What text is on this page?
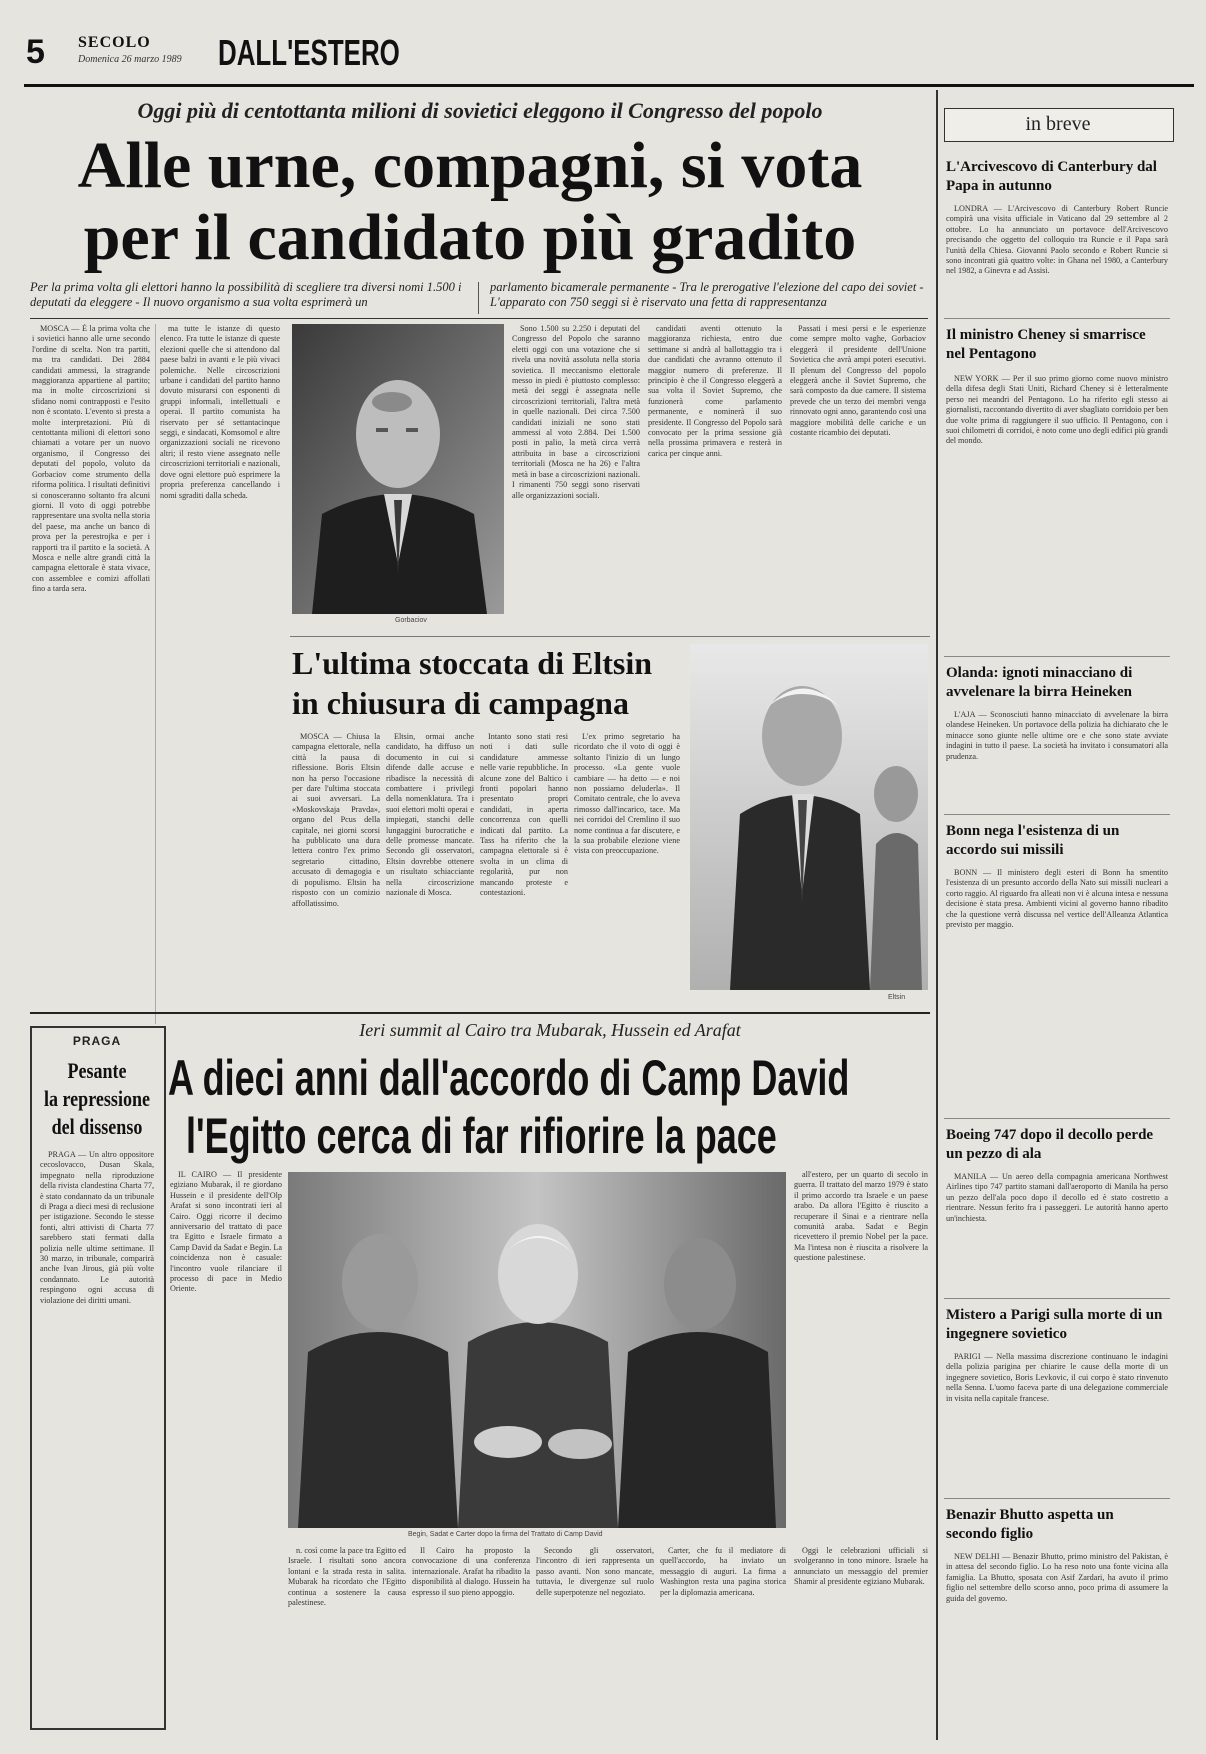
5 SECOLO
Domenica 26 marzo 1989 DALL'ESTERO
Oggi più di centottanta milioni di sovietici eleggono il Congresso del popolo
Alle urne, compagni, si vota
per il candidato più gradito
Per la prima volta gli elettori hanno la possibilità di scegliere tra diversi nomi 1.500 i deputati da eleggere - Il nuovo organismo a sua volta esprimerà un
parlamento bicamerale permanente - Tra le prerogative l'elezione del capo dei soviet - L'apparato con 750 seggi si è riservato una fetta di rappresentanza

MOSCA — È la prima volta che i sovietici hanno alle urne secondo l'ordine di scelta. Non tra partiti, ma tra candidati. Dei 2884 candidati ammessi, la stragrande maggioranza appartiene al partito; ma in molte circoscrizioni si sfidano nomi contrapposti e l'esito non è scontato. L'evento si presta a molte interpretazioni. Più di centottanta milioni di elettori sono chiamati a votare per un nuovo organismo, il Congresso dei deputati del popolo, voluto da Gorbaciov come strumento della riforma politica. I risultati definitivi si conosceranno soltanto fra alcuni giorni. Il voto di oggi potrebbe rappresentare una svolta nella storia del paese, ma anche un banco di prova per la perestrojka e per i rapporti tra il partito e la società. A Mosca e nelle altre grandi città la campagna elettorale è stata vivace, con assemblee e comizi affollati fino a tarda sera.

ma tutte le istanze di questo elenco. Fra tutte le istanze di queste elezioni quelle che si attendono dal paese balzi in avanti e le più vivaci polemiche. Nelle circoscrizioni urbane i candidati del partito hanno dovuto misurarsi con esponenti di gruppi informali, intellettuali e operai. Il partito comunista ha riservato per sé settantacinque seggi, e sindacati, Komsomol e altre organizzazioni sociali ne ricevono altri; il resto viene assegnato nelle circoscrizioni territoriali e nazionali, dove ogni elettore può esprimere la propria preferenza cancellando i nomi sgraditi dalla scheda.

Gorbaciov

Sono 1.500 su 2.250 i deputati del Congresso del Popolo che saranno eletti oggi con una votazione che si rivela una novità assoluta nella storia sovietica. Il meccanismo elettorale messo in piedi è piuttosto complesso: metà dei seggi è assegnata nelle circoscrizioni territoriali, l'altra metà in quelle nazionali. Dei circa 7.500 candidati iniziali ne sono stati ammessi al voto 2.884. Dei 1.500 posti in palio, la metà circa verrà attribuita in base a circoscrizioni territoriali (Mosca ne ha 26) e l'altra metà in base a circoscrizioni nazionali. I rimanenti 750 seggi sono riservati alle organizzazioni sociali.

candidati aventi ottenuto la maggioranza richiesta, entro due settimane si andrà al ballottaggio tra i due candidati che avranno ottenuto il maggior numero di preferenze. Il principio è che il Congresso eleggerà a sua volta il Soviet Supremo, che funzionerà come parlamento permanente, e nominerà il suo presidente. Il Congresso del Popolo sarà convocato per la prima sessione già nella prossima primavera e resterà in carica per cinque anni.

Passati i mesi persi e le esperienze come sempre molto vaghe, Gorbaciov eleggerà il presidente dell'Unione Sovietica che avrà ampi poteri esecutivi. Il plenum del Congresso del popolo eleggerà anche il Soviet Supremo, che sarà composto da due camere. Il sistema prevede che un terzo dei membri venga rinnovato ogni anno, garantendo così una maggiore mobilità delle cariche e un costante ricambio dei deputati.

L'ultima stoccata di Eltsin
in chiusura di campagna

MOSCA — Chiusa la campagna elettorale, nella città la pausa di riflessione. Boris Eltsin non ha perso l'occasione per dare l'ultima stoccata ai suoi avversari. La «Moskovskaja Pravda», organo del Pcus della capitale, nei giorni scorsi ha pubblicato una dura lettera contro l'ex primo segretario cittadino, accusato di demagogia e di populismo. Eltsin ha risposto con un comizio affollatissimo.

Eltsin, ormai anche candidato, ha diffuso un documento in cui si difende dalle accuse e ribadisce la necessità di combattere i privilegi della nomenklatura. Tra i suoi elettori molti operai e impiegati, stanchi delle lungaggini burocratiche e delle promesse mancate. Secondo gli osservatori, Eltsin dovrebbe ottenere un risultato schiacciante nella circoscrizione nazionale di Mosca.

Intanto sono stati resi noti i dati sulle candidature ammesse nelle varie repubbliche. In alcune zone del Baltico i fronti popolari hanno presentato propri candidati, in aperta concorrenza con quelli indicati dal partito. La Tass ha riferito che la campagna elettorale si è svolta in un clima di regolarità, pur non mancando proteste e contestazioni.

L'ex primo segretario ha ricordato che il voto di oggi è soltanto l'inizio di un lungo processo. «La gente vuole cambiare — ha detto — e noi non possiamo deluderla». Il Comitato centrale, che lo aveva rimosso dall'incarico, tace. Ma nei corridoi del Cremlino il suo nome continua a far discutere, e la sua probabile elezione viene vista con preoccupazione.

Eltsin
PRAGA
Pesante
la repressione
del dissenso

PRAGA — Un altro oppositore cecoslovacco, Dusan Skala, impegnato nella riproduzione della rivista clandestina Charta 77, è stato condannato da un tribunale di Praga a dieci mesi di reclusione per istigazione. Secondo le stesse fonti, altri attivisti di Charta 77 sarebbero stati fermati dalla polizia nelle ultime settimane. Il 30 marzo, in tribunale, comparirà anche Ivan Jirous, già più volte condannato. Le autorità respingono ogni accusa di violazione dei diritti umani.

Ieri summit al Cairo tra Mubarak, Hussein ed Arafat
A dieci anni dall'accordo di Camp David
l'Egitto cerca di far rifiorire la pace

IL CAIRO — Il presidente egiziano Mubarak, il re giordano Hussein e il presidente dell'Olp Arafat si sono incontrati ieri al Cairo. Oggi ricorre il decimo anniversario del trattato di pace tra Egitto e Israele firmato a Camp David da Sadat e Begin. La coincidenza non è casuale: l'incontro vuole rilanciare il processo di pace in Medio Oriente.

Begin, Sadat e Carter dopo la firma del Trattato di Camp David

all'estero, per un quarto di secolo in guerra. Il trattato del marzo 1979 è stato il primo accordo tra Israele e un paese arabo. Da allora l'Egitto è riuscito a recuperare il Sinai e a rientrare nella comunità araba. Sadat e Begin ricevettero il premio Nobel per la pace. Ma l'intesa non è riuscita a risolvere la questione palestinese.

n. così come la pace tra Egitto ed Israele. I risultati sono ancora lontani e la strada resta in salita. Mubarak ha ricordato che l'Egitto continua a sostenere la causa palestinese.

Il Cairo ha proposto la convocazione di una conferenza internazionale. Arafat ha ribadito la disponibilità al dialogo. Hussein ha espresso il suo pieno appoggio.

Secondo gli osservatori, l'incontro di ieri rappresenta un passo avanti. Non sono mancate, tuttavia, le divergenze sul ruolo delle superpotenze nel negoziato.

Carter, che fu il mediatore di quell'accordo, ha inviato un messaggio di auguri. La firma a Washington resta una pagina storica per la diplomazia americana.

Oggi le celebrazioni ufficiali si svolgeranno in tono minore. Israele ha annunciato un messaggio del premier Shamir al presidente egiziano Mubarak.

in breve
L'Arcivescovo di Canterbury dal Papa in autunno

LONDRA — L'Arcivescovo di Canterbury Robert Runcie compirà una visita ufficiale in Vaticano dal 29 settembre al 2 ottobre. Lo ha annunciato un portavoce dell'Arcivescovo precisando che oggetto del colloquio tra Runcie e il Papa sarà l'unità della Chiesa. Giovanni Paolo secondo e Robert Runcie si sono incontrati già quattro volte: in Ghana nel 1980, a Canterbury nel 1982, a Ginevra e ad Assisi.

Il ministro Cheney si smarrisce nel Pentagono

NEW YORK — Per il suo primo giorno come nuovo ministro della difesa degli Stati Uniti, Richard Cheney si è letteralmente perso nei meandri del Pentagono. Lo ha riferito egli stesso ai giornalisti, raccontando divertito di aver sbagliato corridoio per ben due volte prima di raggiungere il suo ufficio. Il Pentagono, con i suoi chilometri di corridoi, è noto come uno degli edifici più grandi del mondo.

Olanda: ignoti minacciano di avvelenare la birra Heineken

L'AJA — Sconosciuti hanno minacciato di avvelenare la birra olandese Heineken. Un portavoce della polizia ha dichiarato che le minacce sono giunte nelle ultime ore e che sono state avviate indagini in tutto il paese. La società ha invitato i consumatori alla prudenza.

Bonn nega l'esistenza di un accordo sui missili

BONN — Il ministero degli esteri di Bonn ha smentito l'esistenza di un presunto accordo della Nato sui missili nucleari a corto raggio. Al riguardo fra alleati non vi è alcuna intesa e nessuna decisione è stata presa. Ambienti vicini al governo hanno ribadito che la questione verrà discussa nel vertice dell'Alleanza Atlantica previsto per maggio.

Boeing 747 dopo il decollo perde un pezzo di ala

MANILA — Un aereo della compagnia americana Northwest Airlines tipo 747 partito stamani dall'aeroporto di Manila ha perso un pezzo dell'ala poco dopo il decollo ed è stato costretto a rientrare. Nessun ferito fra i passeggeri. Le autorità hanno aperto un'inchiesta.

Mistero a Parigi sulla morte di un ingegnere sovietico

PARIGI — Nella massima discrezione continuano le indagini della polizia parigina per chiarire le cause della morte di un ingegnere sovietico, Boris Levkovic, il cui corpo è stato rinvenuto nella Senna. L'uomo faceva parte di una delegazione commerciale in visita nella capitale francese.

Benazir Bhutto aspetta un secondo figlio

NEW DELHI — Benazir Bhutto, primo ministro del Pakistan, è in attesa del secondo figlio. Lo ha reso noto una fonte vicina alla famiglia. La Bhutto, sposata con Asif Zardari, ha avuto il primo figlio nel settembre dello scorso anno, poco prima di assumere la guida del governo.
